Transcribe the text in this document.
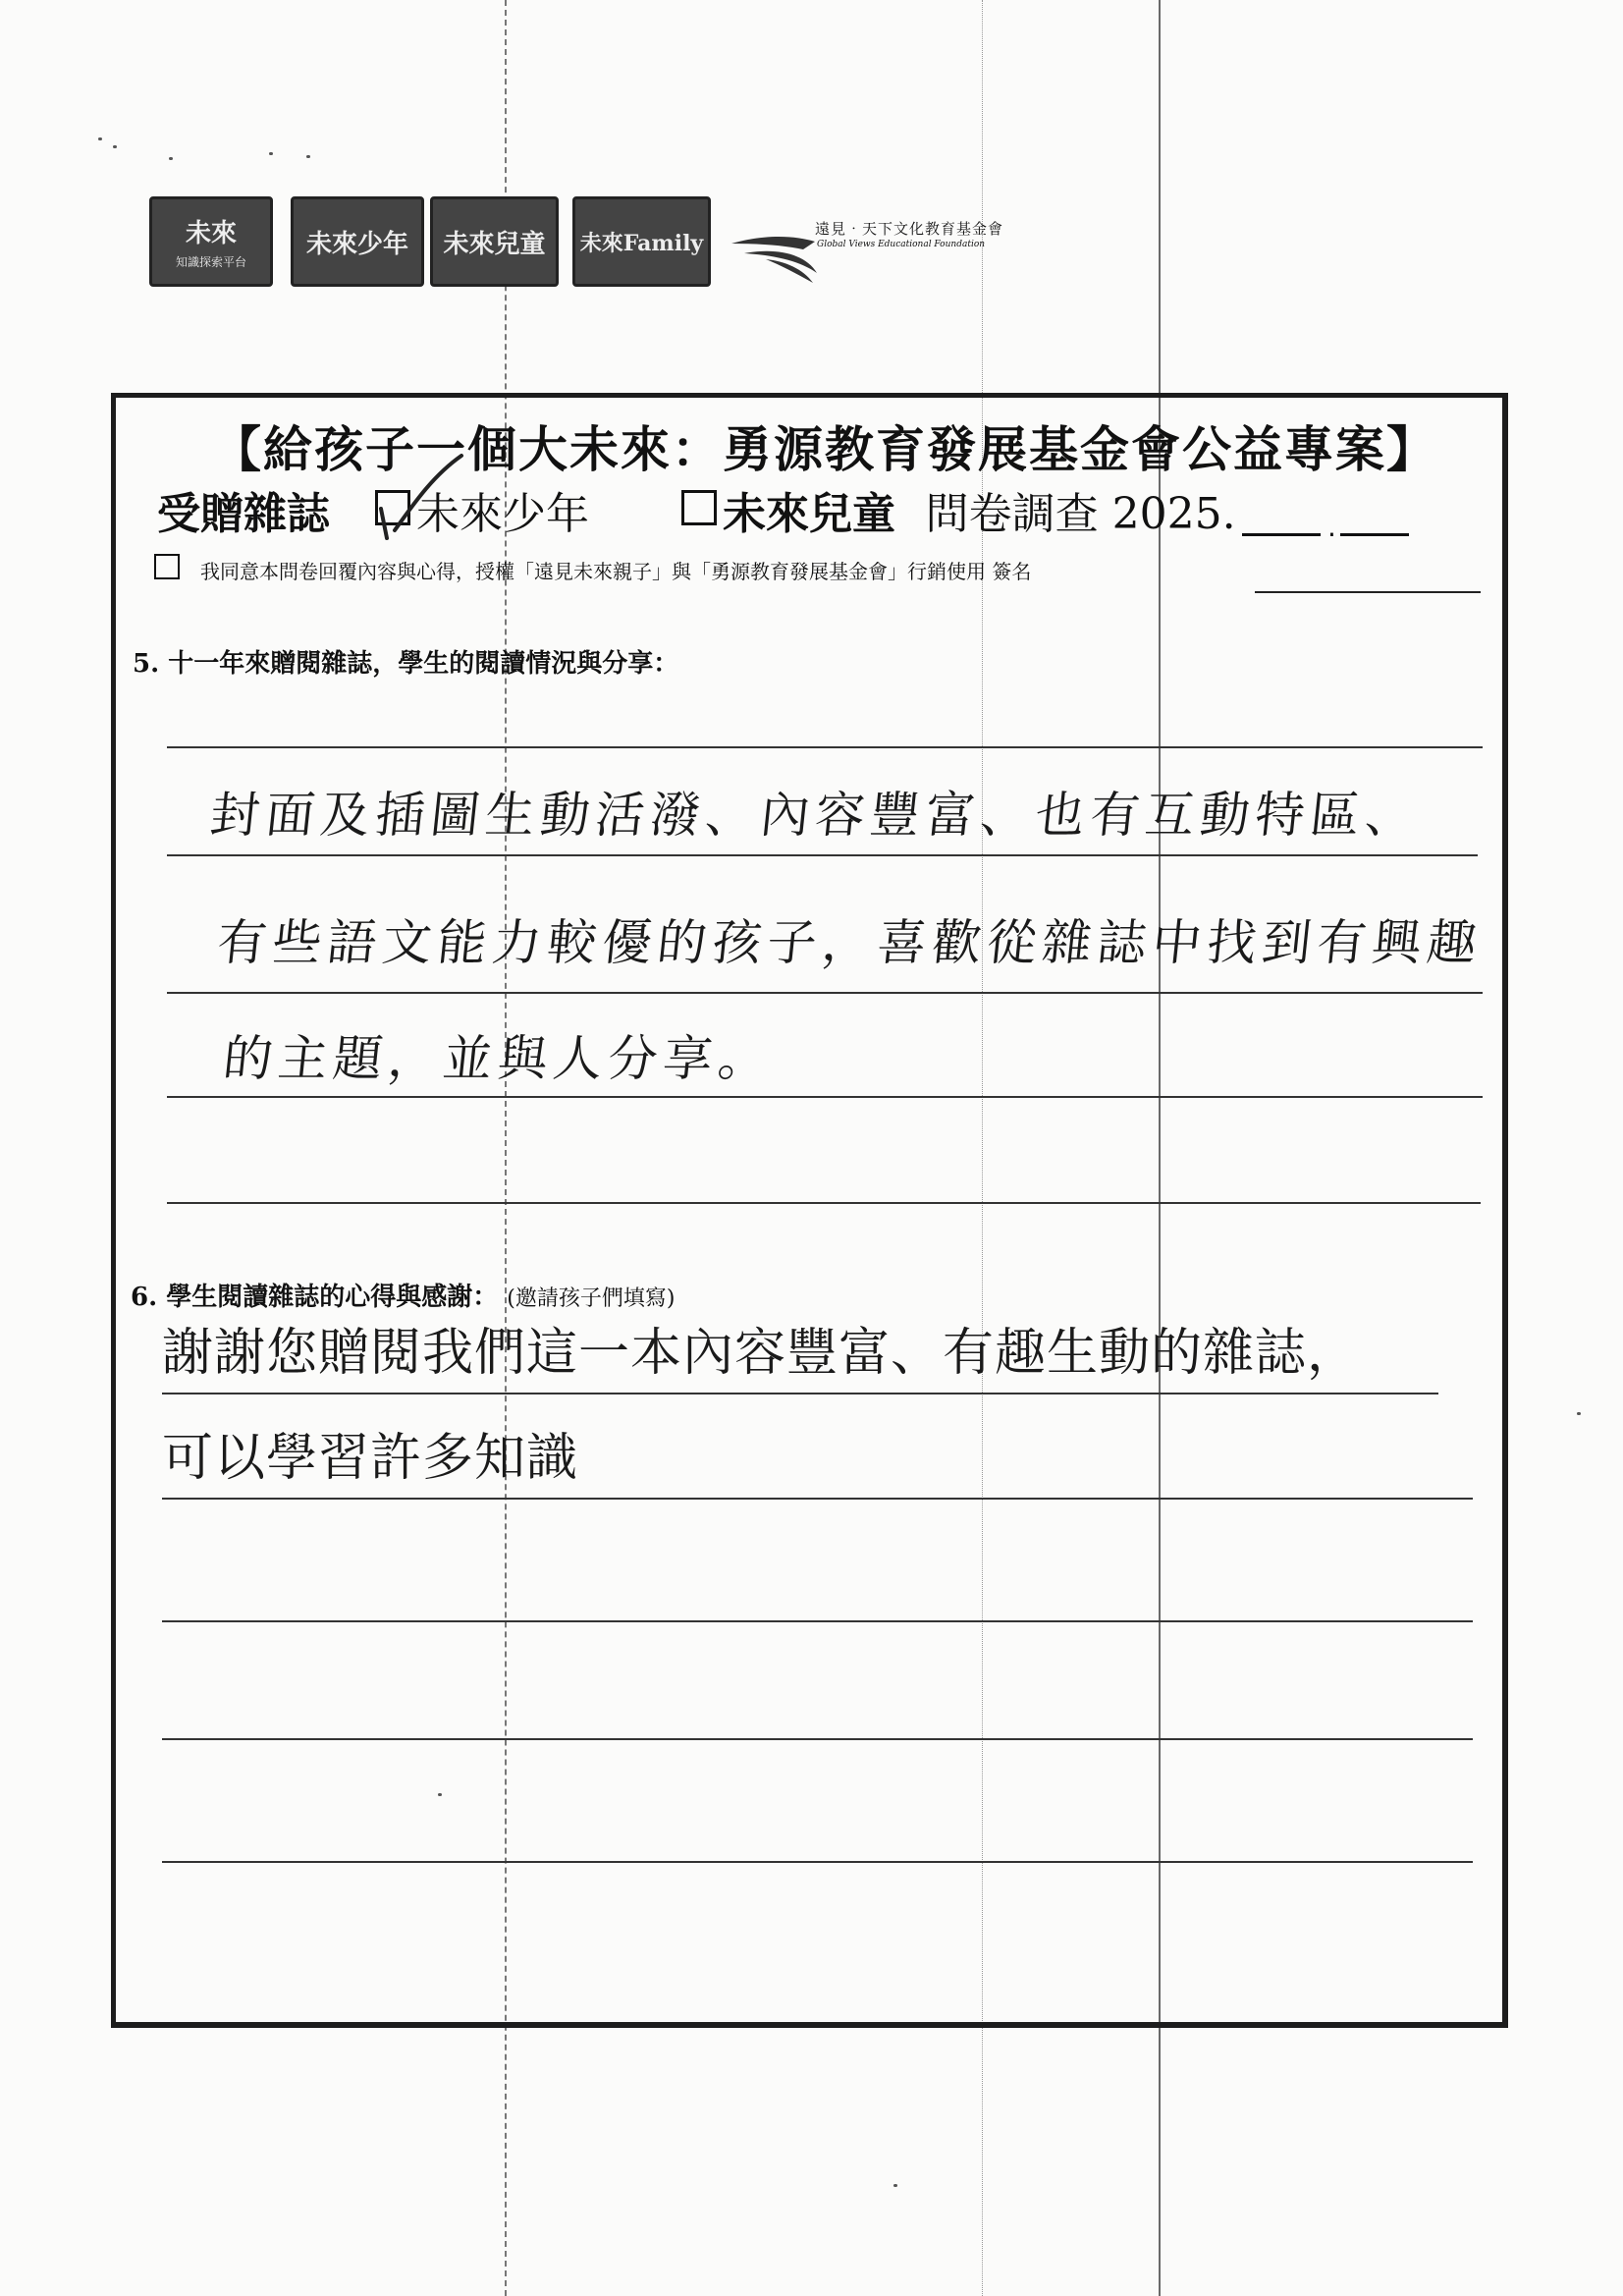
未來
知識探索平台
未來少年 未來兒童 未來Family
遠見‧天下文化教育基金會
Global Views Educational Foundation
【給孩子一個大未來：勇源教育發展基金會公益專案】
受贈雜誌 未來少年	未來兒童 問卷調查 2025.	.
我同意本問卷回覆內容與心得，授權「遠見未來親子」與「勇源教育發展基金會」行銷使用 簽名
5. 十一年來贈閱雜誌，學生的閱讀情況與分享：
封面及插圖生動活潑、內容豐富、也有互動特區、
有些語文能力較優的孩子，喜歡從雜誌中找到有興趣
的主題，並與人分享。
6. 學生閱讀雜誌的心得與感謝： (邀請孩子們填寫)
謝謝您贈閱我們這一本內容豐富、有趣生動的雜誌，
可以學習許多知識
